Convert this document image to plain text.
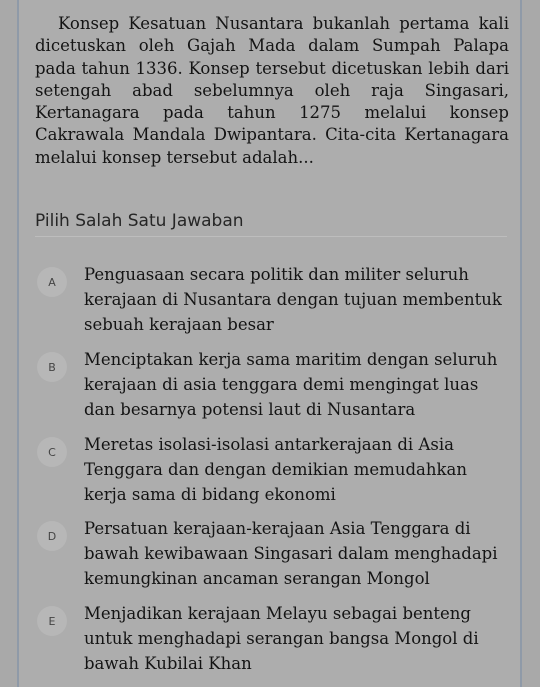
Konsep Kesatuan Nusantara bukanlah pertama kali dicetuskan oleh Gajah Mada dalam Sumpah Palapa pada tahun 1336. Konsep tersebut dicetuskan lebih dari setengah abad sebelumnya oleh raja Singasari, Kertanagara pada tahun 1275 melalui konsep Cakrawala Mandala Dwipantara. Cita-cita Kertanagara melalui konsep tersebut adalah...

Pilih Salah Satu Jawaban
A	Penguasaan secara politik dan militer seluruh kerajaan di Nusantara dengan tujuan membentuk sebuah kerajaan besar
B	Menciptakan kerja sama maritim dengan seluruh kerajaan di asia tenggara demi mengingat luas dan besarnya potensi laut di Nusantara
C	Meretas isolasi-isolasi antarkerajaan di Asia Tenggara dan dengan demikian memudahkan kerja sama di bidang ekonomi
D	Persatuan kerajaan-kerajaan Asia Tenggara di bawah kewibawaan Singasari dalam menghadapi kemungkinan ancaman serangan Mongol
E	Menjadikan kerajaan Melayu sebagai benteng untuk menghadapi serangan bangsa Mongol di bawah Kubilai Khan
